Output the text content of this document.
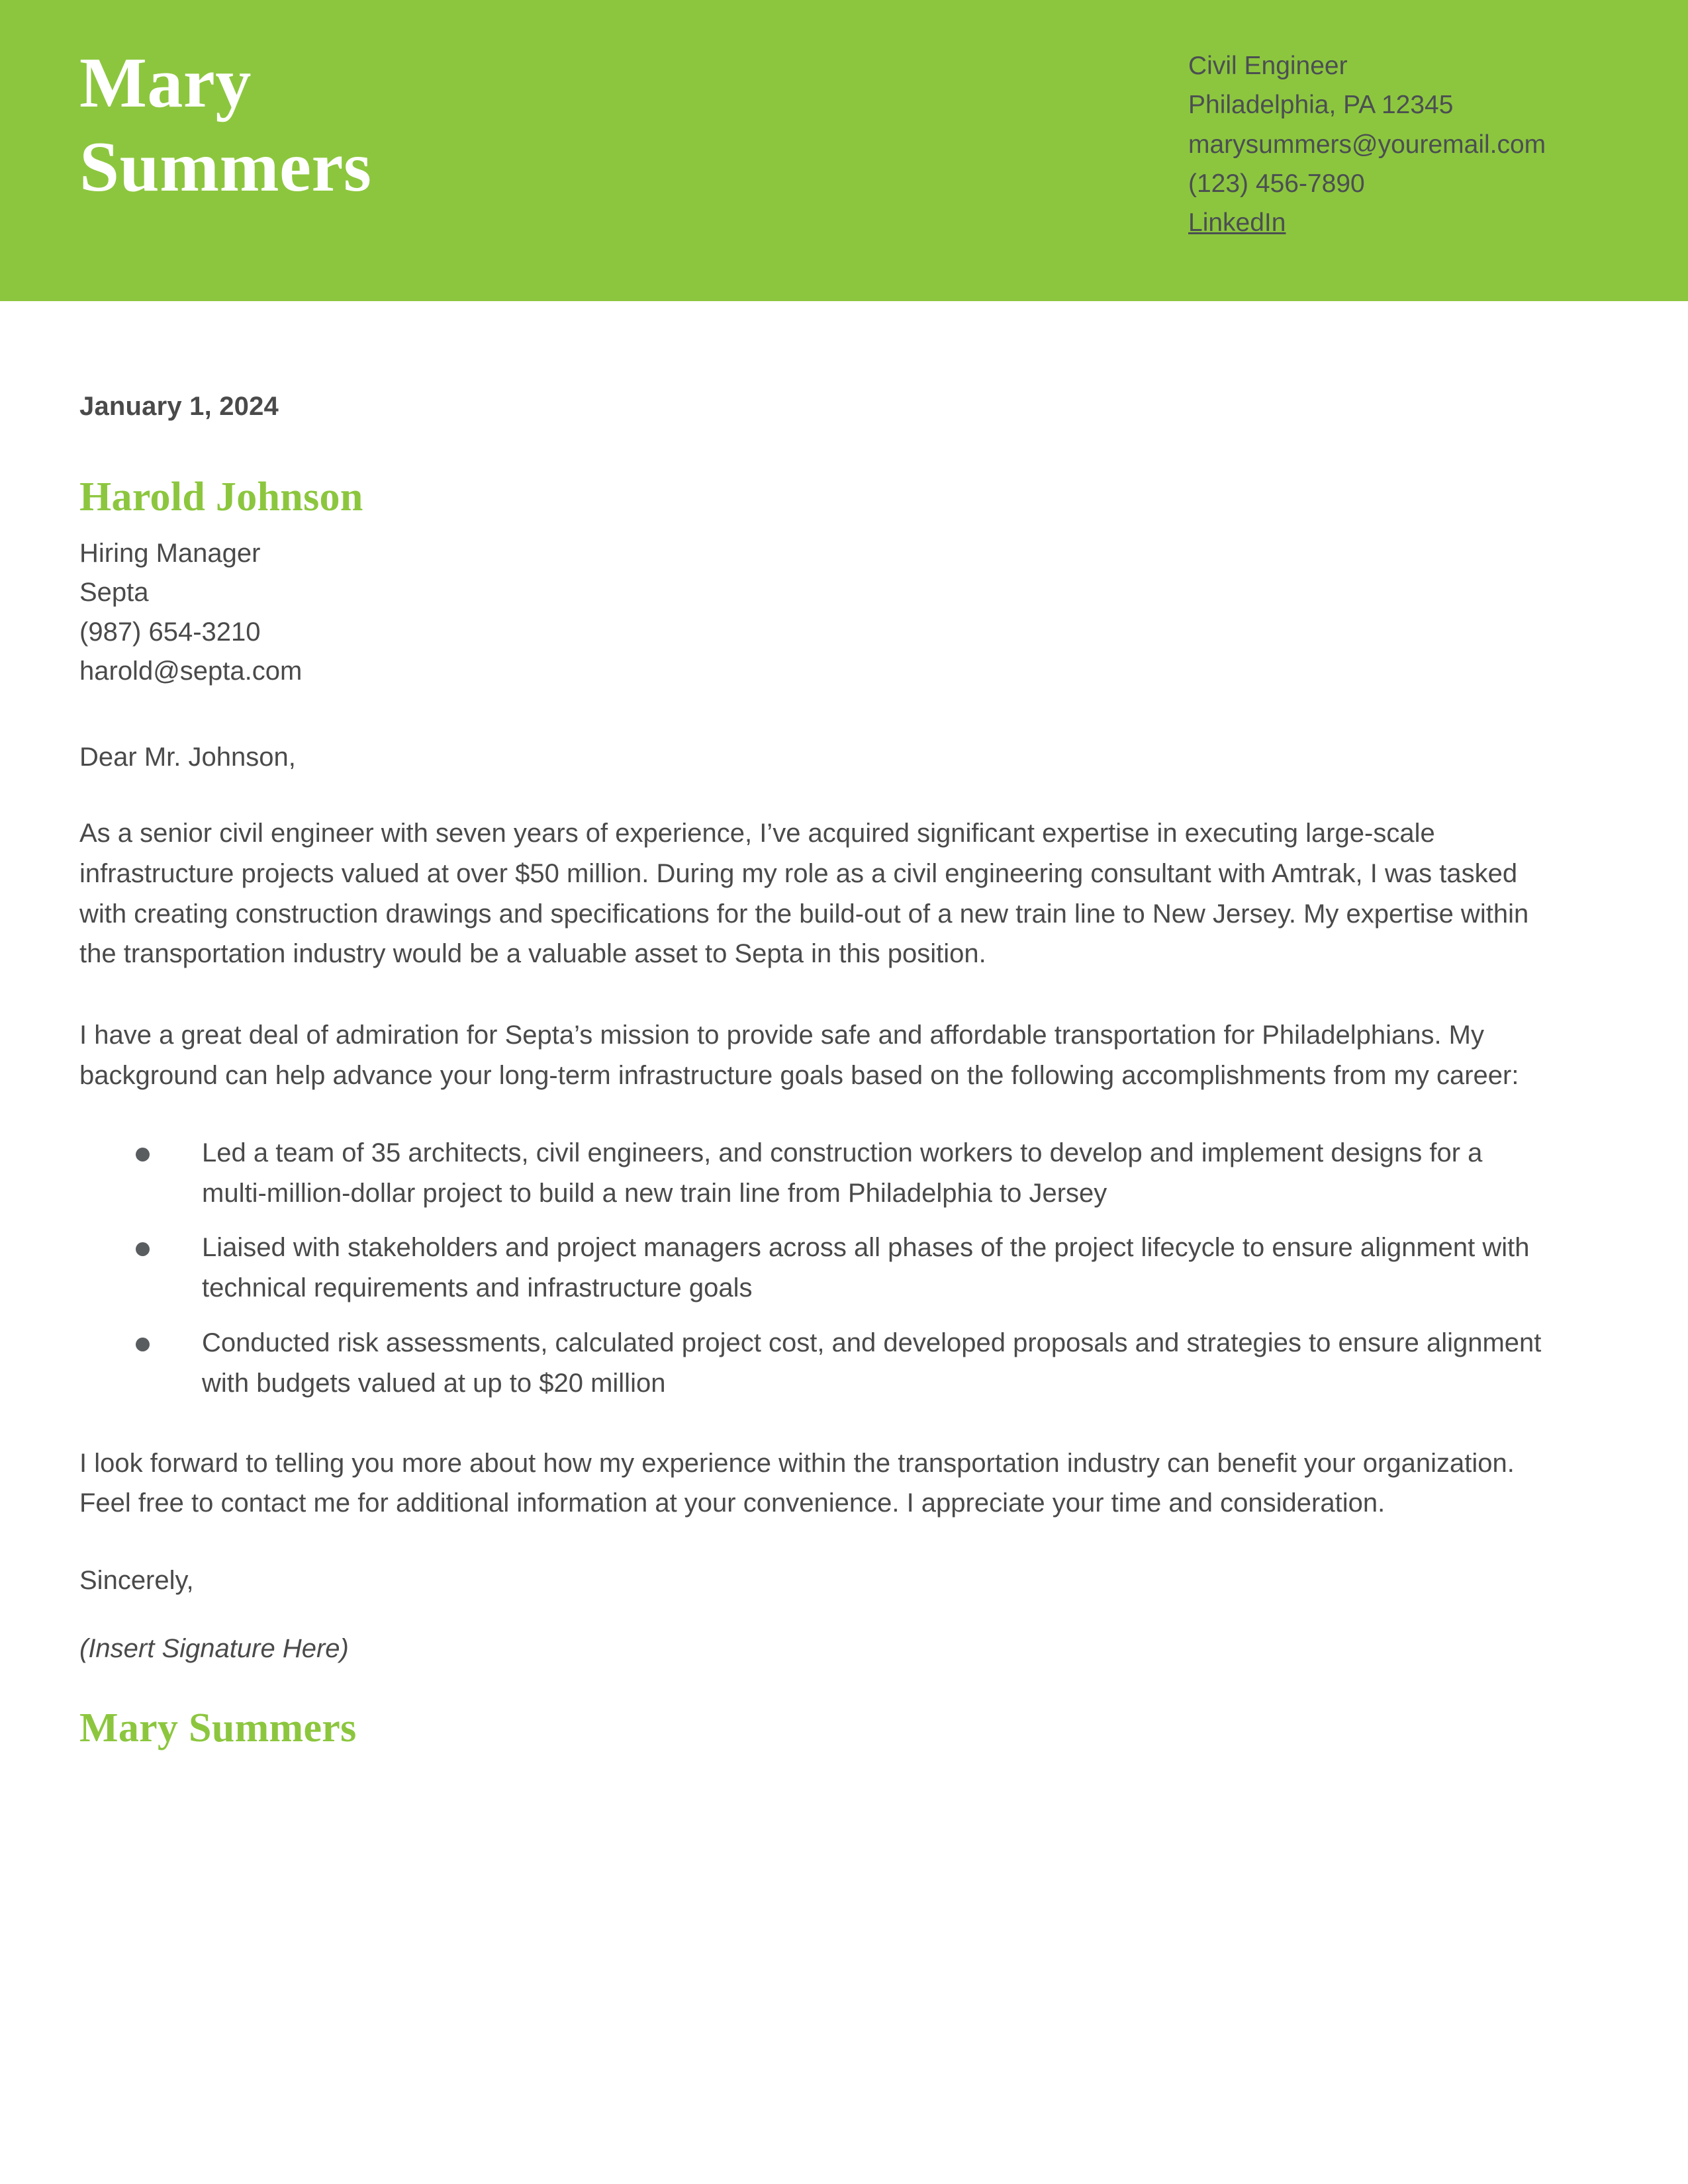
Mary
Summers
Civil Engineer
Philadelphia, PA 12345
marysummers@youremail.com
(123) 456-7890
LinkedIn
January 1, 2024
Harold Johnson
Hiring Manager
Septa
(987) 654-3210
harold@septa.com
Dear Mr. Johnson,

As a senior civil engineer with seven years of experience, I’ve acquired significant expertise in executing large-scale infrastructure projects valued at over $50 million. During my role as a civil engineering consultant with Amtrak, I was tasked with creating construction drawings and specifications for the build-out of a new train line to New Jersey. My expertise within the transportation industry would be a valuable asset to Septa in this position.

I have a great deal of admiration for Septa’s mission to provide safe and affordable transportation for Philadelphians. My background can help advance your long-term infrastructure goals based on the following accomplishments from my career:

Led a team of 35 architects, civil engineers, and construction workers to develop and implement designs for a multi-million-dollar project to build a new train line from Philadelphia to Jersey
Liaised with stakeholders and project managers across all phases of the project lifecycle to ensure alignment with technical requirements and infrastructure goals
Conducted risk assessments, calculated project cost, and developed proposals and strategies to ensure alignment with budgets valued at up to $20 million

I look forward to telling you more about how my experience within the transportation industry can benefit your organization. Feel free to contact me for additional information at your convenience. I appreciate your time and consideration.

Sincerely,
(Insert Signature Here)
Mary Summers
